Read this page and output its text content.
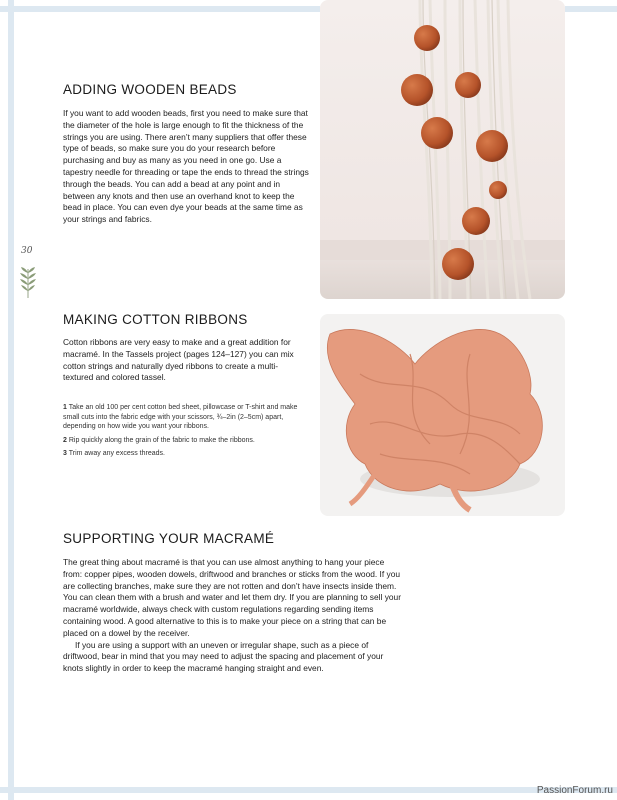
30
ADDING WOODEN BEADS
If you want to add wooden beads, first you need to make sure that the diameter of the hole is large enough to fit the thickness of the strings you are using. There aren’t many suppliers that offer these type of beads, so make sure you do your research before purchasing and buy as many as you need in one go. Use a tapestry needle for threading or tape the ends to thread the strings through the beads. You can add a bead at any point and in between any knots and then use an overhand knot to keep the bead in place. You can even dye your beads at the same time as your strings and fabrics.
MAKING COTTON RIBBONS
Cotton ribbons are very easy to make and a great addition for macramé. In the Tassels project (pages 124–127) you can mix cotton strings and naturally dyed ribbons to create a multi-textured and colored tassel.

1 Take an old 100 per cent cotton bed sheet, pillowcase or T-shirt and make small cuts into the fabric edge with your scissors, ¾–2in (2–5cm) apart, depending on how wide you want your ribbons.

2 Rip quickly along the grain of the fabric to make the ribbons.

3 Trim away any excess threads.

SUPPORTING YOUR MACRAMÉ

The great thing about macramé is that you can use almost anything to hang your piece from: copper pipes, wooden dowels, driftwood and branches or sticks from the wood. If you are collecting branches, make sure they are not rotten and don’t have insects inside them. You can clean them with a brush and water and let them dry. If you are planning to sell your macramé worldwide, always check with custom regulations regarding sending items containing wood. A good alternative to this is to make your piece on a string that can be placed on a dowel by the receiver.

If you are using a support with an uneven or irregular shape, such as a piece of driftwood, bear in mind that you may need to adjust the spacing and placement of your knots slightly in order to keep the macramé hanging straight and even.

PassionForum.ru
